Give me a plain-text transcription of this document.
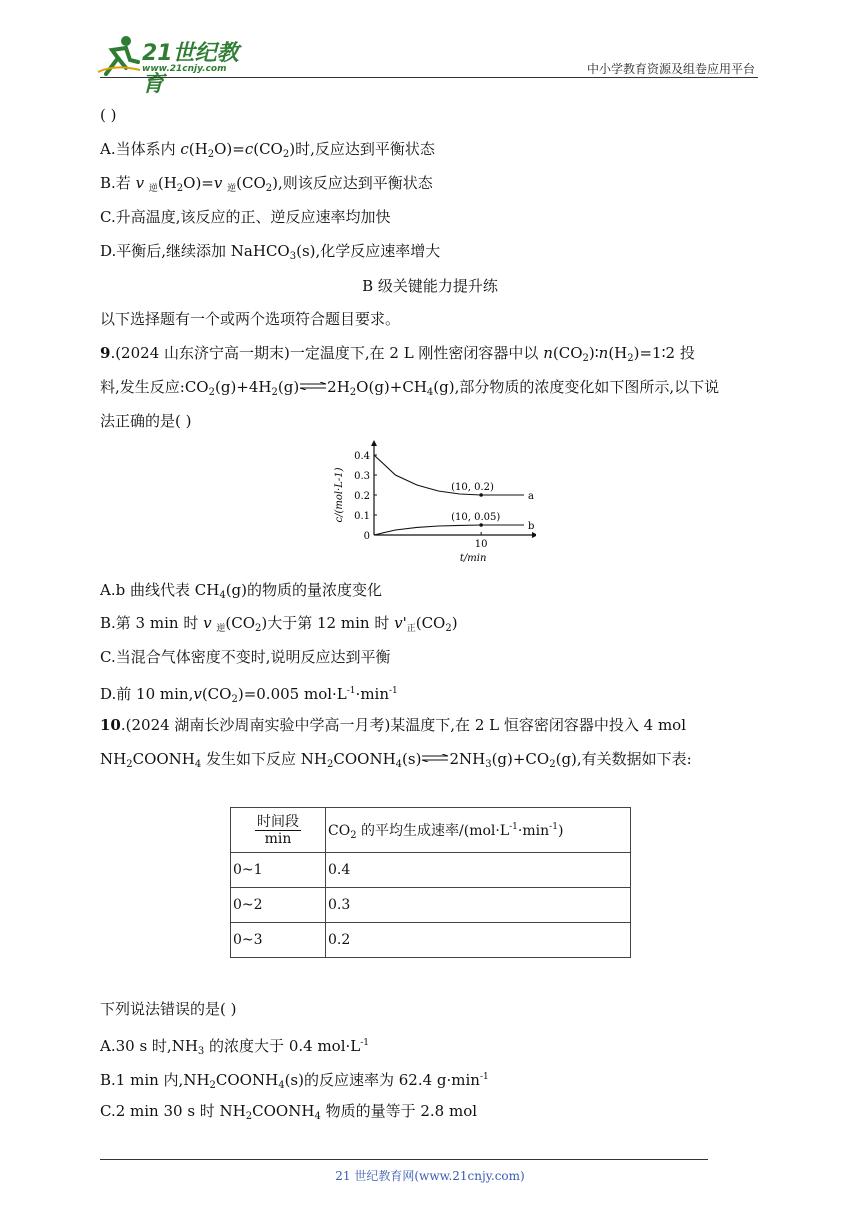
21世纪教育
www.21cnjy.com	中小学教育资源及组卷应用平台
( )
A.当体系内 $c(H_2O)=c(CO_2)$时,反应达到平衡状态
B.若 v $_逆(H_2O)=v$ $_逆(CO_2)$,则该反应达到平衡状态
C.升高温度,该反应的正、逆反应速率均加快
D.平衡后,继续添加 NaHCO$_3$(s),化学反应速率增大
B 级关键能力提升练
以下选择题有一个或两个选项符合题目要求。
9.(2024 山东济宁高一期末)一定温度下,在 2 L 刚性密闭容器中以 $n(CO_2)∶n(H_2)=1∶2$ 投
料,发生反应$:CO_2(g)+4H_2(g)\rightleftharpoons 2H_2O(g)+CH_4(g)$,部分物质的浓度变化如下图所示,以下说
法正确的是( )
0.4
0.3
0.2
0.1
0
10
c/(mol·L-1)
t/min
a
(10, 0.2)
b
(10, 0.05)
A.b 曲线代表 $CH_4(g)$的物质的量浓度变化
B.第 3 min 时 v $_逆(CO_2)$大于第 12 min 时 $v'_正(CO_2)$
C.当混合气体密度不变时,说明反应达到平衡
D.前 10 $\min,v(CO_2)=0.005$ $mol\cdot L^{-1}\cdot\min^{-1}$
10.(2024 湖南长沙周南实验中学高一月考)某温度下,在 2 L 恒容密闭容器中投入 4 mol
$NH_2COONH_4$ 发生如下反应 $NH_2COONH_4(s)\rightleftharpoons 2NH_3(g)+CO_2(g)$,有关数据如下表:
$\frac{\text{时间段}}{\min}$	$CO_2$ 的平均生成速率$/(mol\cdot L^{-1}\cdot\min^{-1})$
0~1	0.4
0~2	0.3
0~3	0.2
下列说法错误的是( )
A.30 s 时$,NH_3$ 的浓度大于 0.4 $mol\cdot L^{-1}$
B.1 min 内$,NH_2COONH_4(s)$的反应速率为 62.4 $g\cdot\min^{-1}$
C.2 min 30 s 时 $NH_2COONH_4$ 物质的量等于 2.8 mol
21 世纪教育网(www.21cnjy.com)
